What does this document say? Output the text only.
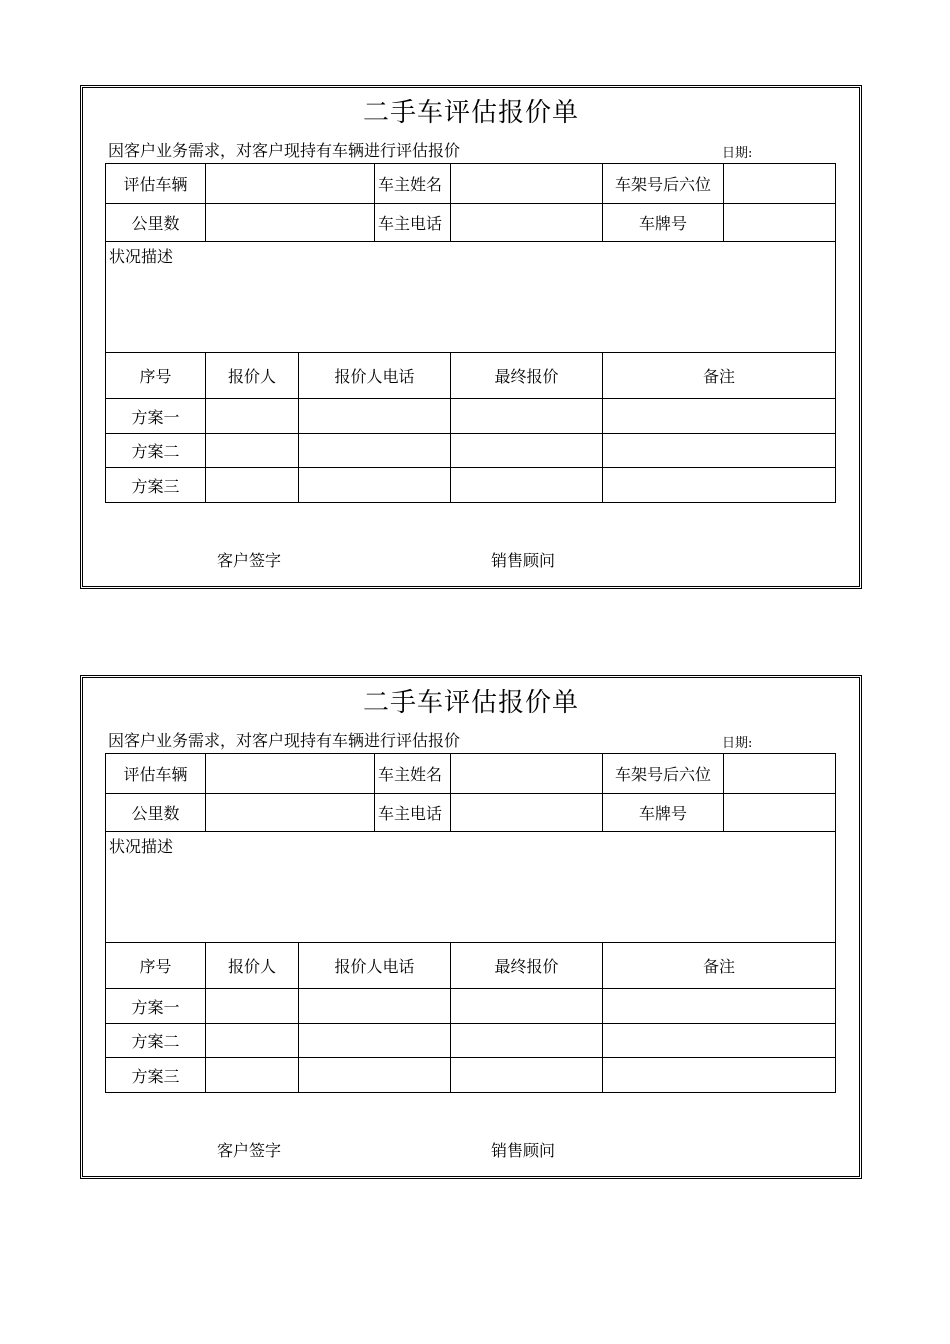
二手车评估报价单
因客户业务需求，对客户现持有车辆进行评估报价	日期:
评估车辆	车主姓名	车架号后六位
公里数	车主电话	车牌号
状况描述
序号	报价人	报价人电话	最终报价	备注
方案一
方案二
方案三
客户签字	销售顾问
二手车评估报价单
因客户业务需求，对客户现持有车辆进行评估报价	日期:
评估车辆	车主姓名	车架号后六位
公里数	车主电话	车牌号
状况描述
序号	报价人	报价人电话	最终报价	备注
方案一
方案二
方案三
客户签字	销售顾问
